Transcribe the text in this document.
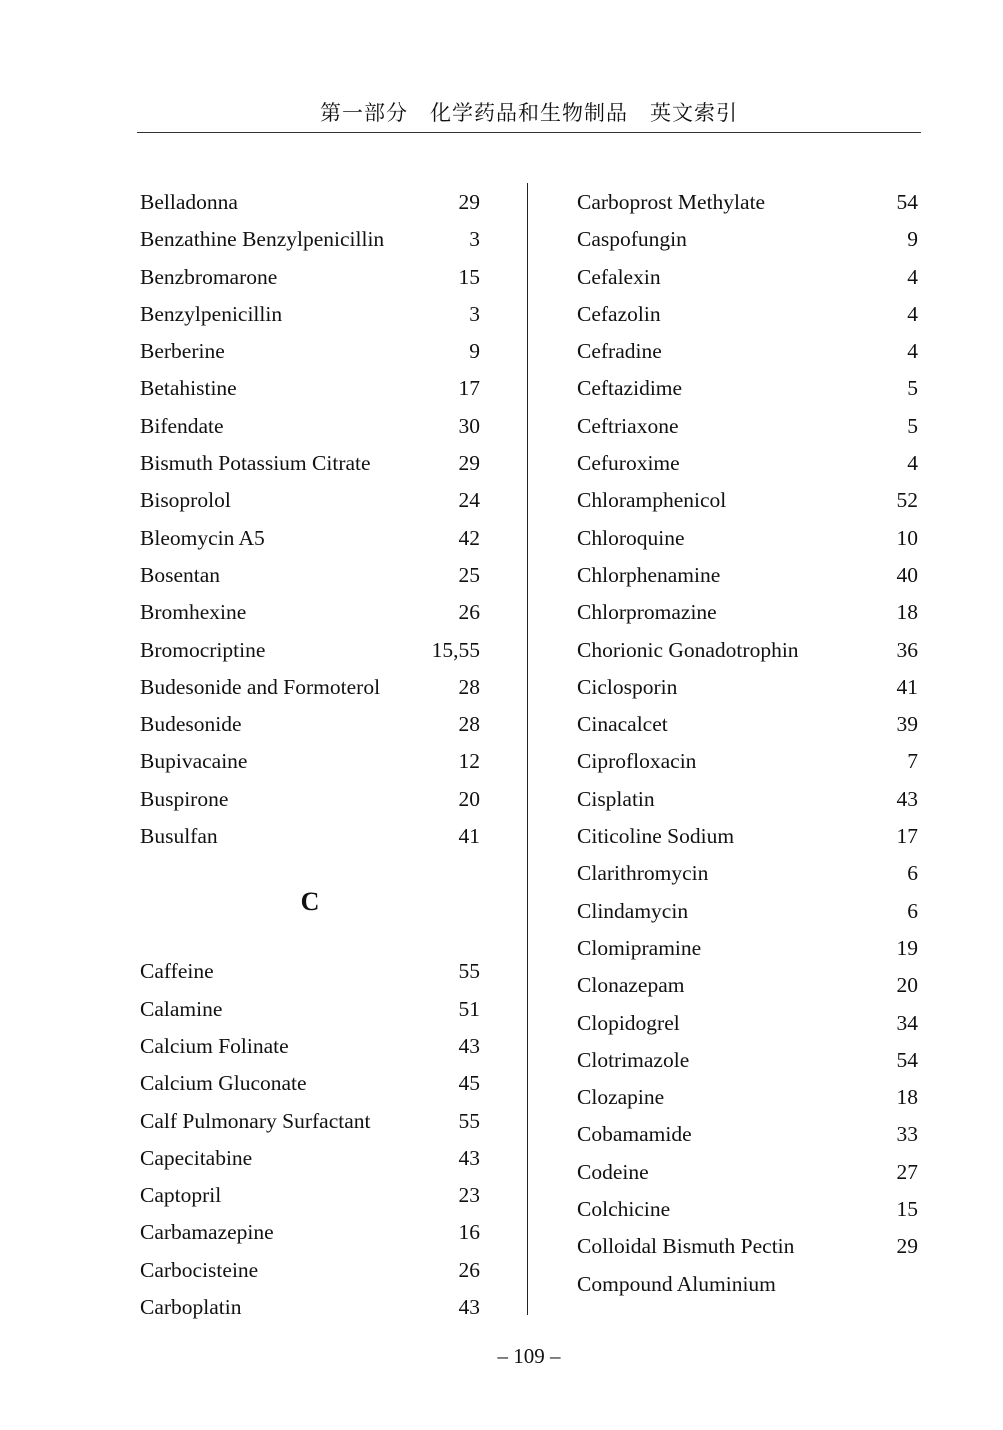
第一部分　化学药品和生物制品　英文索引
Belladonna	29
Benzathine Benzylpenicillin	3
Benzbromarone	15
Benzylpenicillin	3
Berberine	9
Betahistine	17
Bifendate	30
Bismuth Potassium Citrate	29
Bisoprolol	24
Bleomycin A5	42
Bosentan	25
Bromhexine	26
Bromocriptine	15,55
Budesonide and Formoterol	28
Budesonide	28
Bupivacaine	12
Buspirone	20
Busulfan	41
C
Caffeine	55
Calamine	51
Calcium Folinate	43
Calcium Gluconate	45
Calf Pulmonary Surfactant	55
Capecitabine	43
Captopril	23
Carbamazepine	16
Carbocisteine	26
Carboplatin	43
Carboprost Methylate	54
Caspofungin	9
Cefalexin	4
Cefazolin	4
Cefradine	4
Ceftazidime	5
Ceftriaxone	5
Cefuroxime	4
Chloramphenicol	52
Chloroquine	10
Chlorphenamine	40
Chlorpromazine	18
Chorionic Gonadotrophin	36
Ciclosporin	41
Cinacalcet	39
Ciprofloxacin	7
Cisplatin	43
Citicoline Sodium	17
Clarithromycin	6
Clindamycin	6
Clomipramine	19
Clonazepam	20
Clopidogrel	34
Clotrimazole	54
Clozapine	18
Cobamamide	33
Codeine	27
Colchicine	15
Colloidal Bismuth Pectin	29
Compound Aluminium
– 109 –
